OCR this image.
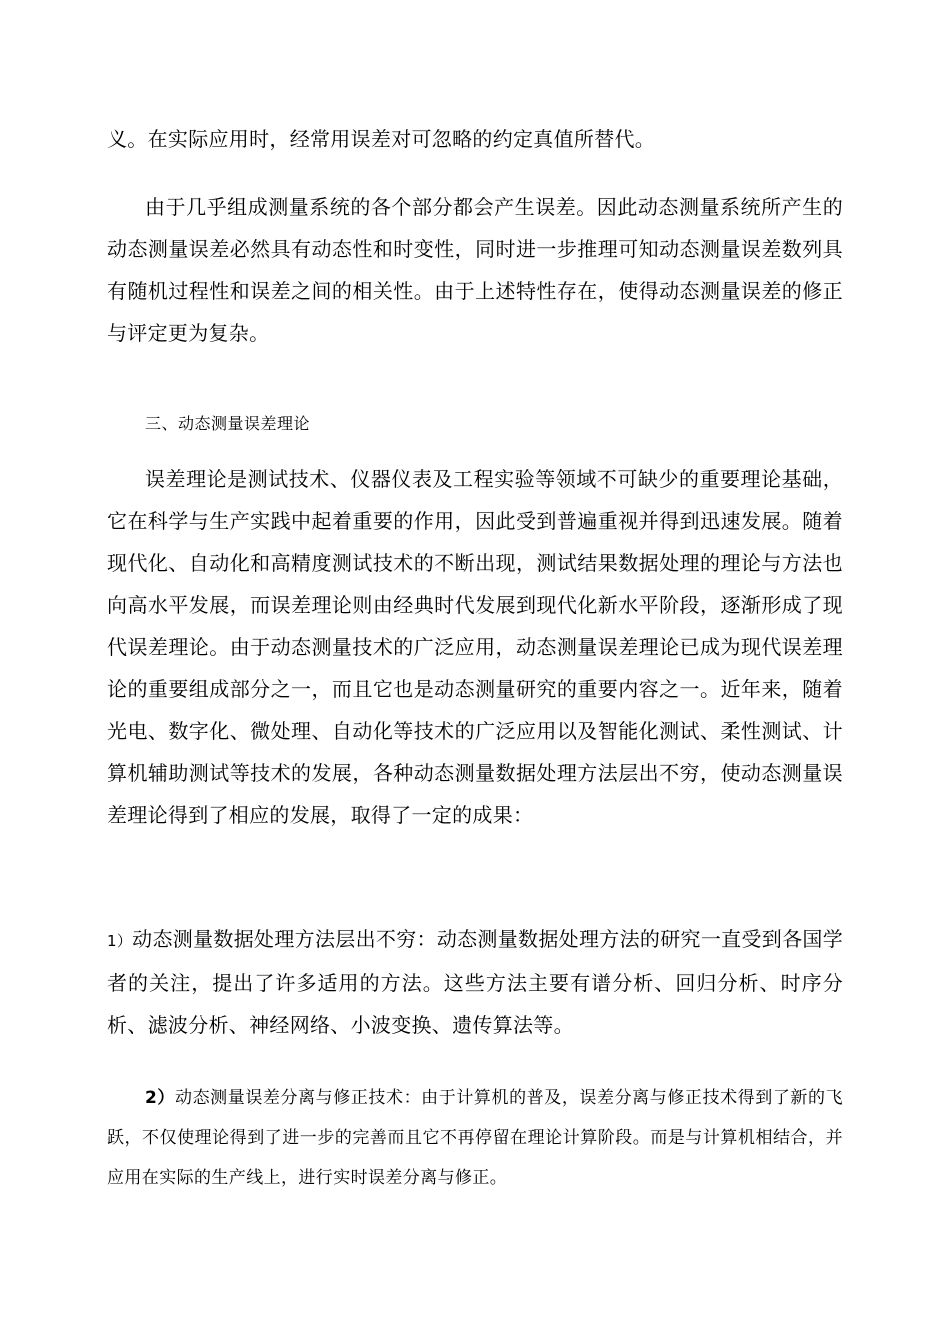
义。在实际应用时，经常用误差对可忽略的约定真值所替代。

由于几乎组成测量系统的各个部分都会产生误差。因此动态测量系统所产生的动态测量误差必然具有动态性和时变性，同时进一步推理可知动态测量误差数列具有随机过程性和误差之间的相关性。由于上述特性存在，使得动态测量误差的修正与评定更为复杂。

三、动态测量误差理论

误差理论是测试技术、仪器仪表及工程实验等领域不可缺少的重要理论基础，它在科学与生产实践中起着重要的作用，因此受到普遍重视并得到迅速发展。随着现代化、自动化和高精度测试技术的不断出现，测试结果数据处理的理论与方法也向高水平发展，而误差理论则由经典时代发展到现代化新水平阶段，逐渐形成了现代误差理论。由于动态测量技术的广泛应用，动态测量误差理论已成为现代误差理论的重要组成部分之一，而且它也是动态测量研究的重要内容之一。近年来，随着光电、数字化、微处理、自动化等技术的广泛应用以及智能化测试、柔性测试、计算机辅助测试等技术的发展，各种动态测量数据处理方法层出不穷，使动态测量误差理论得到了相应的发展，取得了一定的成果：

1）动态测量数据处理方法层出不穷：动态测量数据处理方法的研究一直受到各国学者的关注，提出了许多适用的方法。这些方法主要有谱分析、回归分析、时序分析、滤波分析、神经网络、小波变换、遗传算法等。

2）动态测量误差分离与修正技术：由于计算机的普及，误差分离与修正技术得到了新的飞跃，不仅使理论得到了进一步的完善而且它不再停留在理论计算阶段。而是与计算机相结合，并应用在实际的生产线上，进行实时误差分离与修正。
